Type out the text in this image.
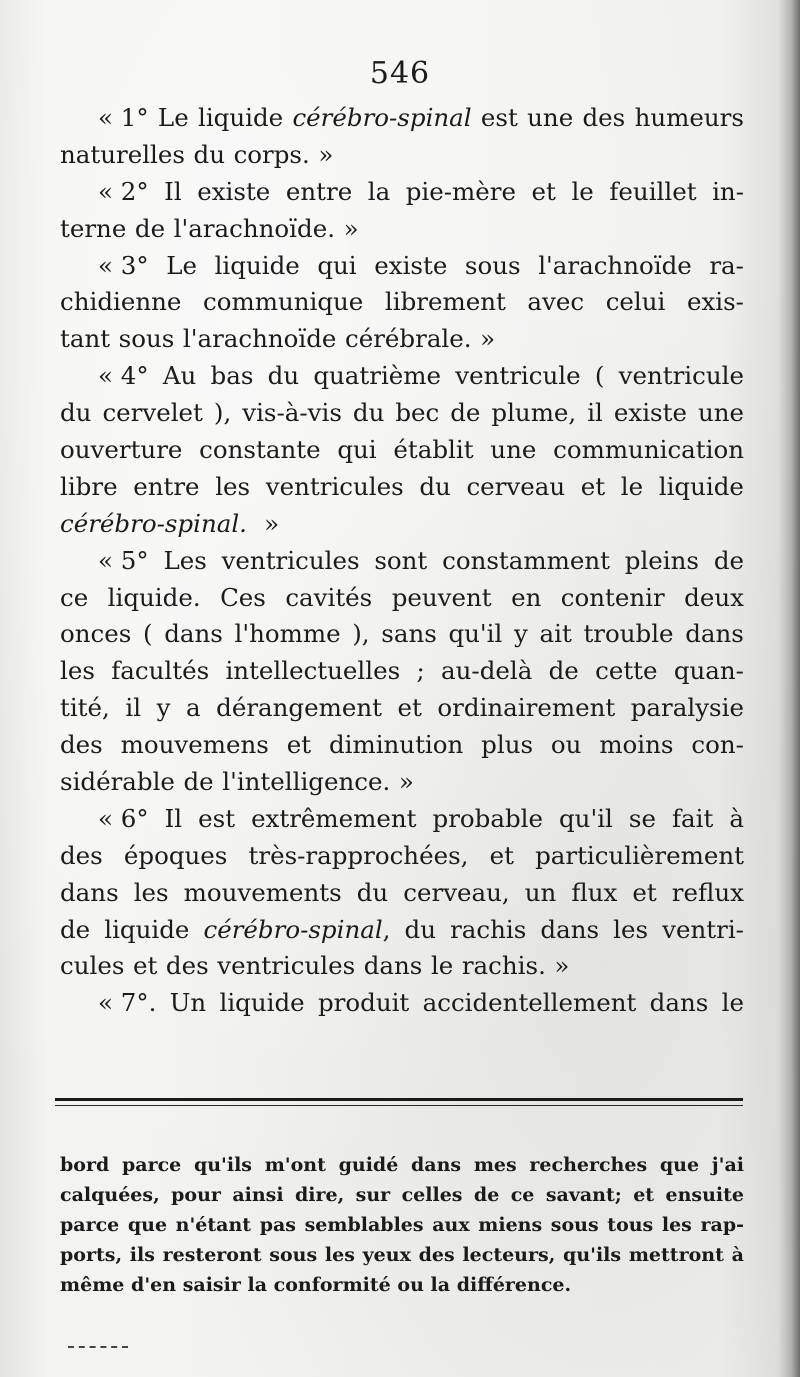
546
« 1° Le liquide cérébro-spinal est une des humeurs
naturelles du corps. »
« 2° Il existe entre la pie-mère et le feuillet in-
terne de l'arachnoïde. »
« 3° Le liquide qui existe sous l'arachnoïde ra-
chidienne communique librement avec celui exis-
tant sous l'arachnoïde cérébrale. »
« 4° Au bas du quatrième ventricule ( ventricule
du cervelet ), vis-à-vis du bec de plume, il existe une
ouverture constante qui établit une communication
libre entre les ventricules du cerveau et le liquide
cérébro-spinal. »
« 5° Les ventricules sont constamment pleins de
ce liquide. Ces cavités peuvent en contenir deux
onces ( dans l'homme ), sans qu'il y ait trouble dans
les facultés intellectuelles ; au-delà de cette quan-
tité, il y a dérangement et ordinairement paralysie
des mouvemens et diminution plus ou moins con-
sidérable de l'intelligence. »
« 6° Il est extrêmement probable qu'il se fait à
des époques très-rapprochées, et particulièrement
dans les mouvements du cerveau, un flux et reflux
de liquide cérébro-spinal, du rachis dans les ventri-
cules et des ventricules dans le rachis. »
« 7°. Un liquide produit accidentellement dans le
bord parce qu'ils m'ont guidé dans mes recherches que j'ai
calquées, pour ainsi dire, sur celles de ce savant; et ensuite
parce que n'étant pas semblables aux miens sous tous les rap-
ports, ils resteront sous les yeux des lecteurs, qu'ils mettront à
même d'en saisir la conformité ou la différence.
